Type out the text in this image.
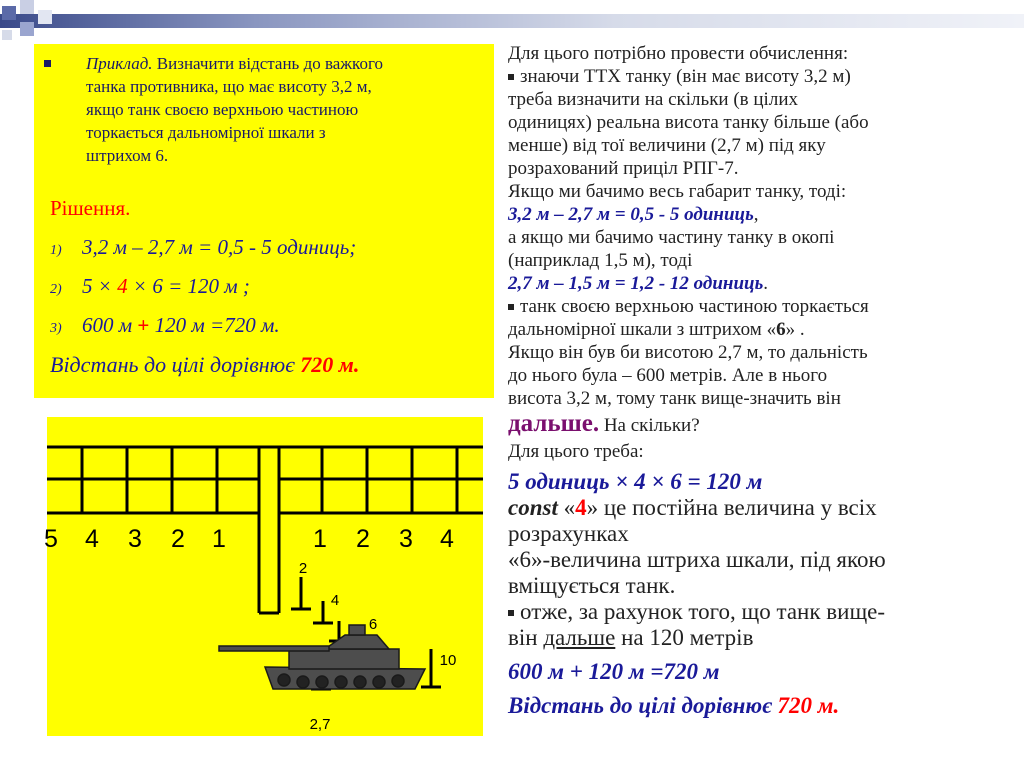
Приклад. Визначити відстань до важкого

танка противника, що має висоту 3,2 м,

якщо танк своєю верхньою частиною

торкається дальномірної шкали з

штрихом 6.

Рішення.
1) 3,2 м – 2,7 м = 0,5 - 5 одиниць;
2) 5 × 4 × 6 = 120 м ;
3) 600 м + 120 м =720 м.
Відстань до цілі дорівнює 720 м.
5 4 3 2 1	1 2 3 4
2
4
6
10
2,7
Для цього потрібно провести обчислення:
знаючи ТТХ танку (він має висоту 3,2 м)
треба визначити на скільки (в цілих
одиницях) реальна висота танку більше (або
менше) від тої величини (2,7 м) під яку
розрахований приціл РПГ-7.
Якщо ми бачимо весь габарит танку, тоді:
3,2 м – 2,7 м = 0,5 - 5 одиниць,
а якщо ми бачимо частину танку в окопі
(наприклад 1,5 м), тоді
2,7 м – 1,5 м = 1,2 - 12 одиниць.
танк своєю верхньою частиною торкається
дальномірної шкали з штрихом «6» .
Якщо він був би висотою 2,7 м, то дальність
до нього була – 600 метрів. Але в нього
висота 3,2 м, тому танк вище-значить він
дальше. На скільки?
Для цього треба:
5 одиниць × 4 × 6 = 120 м
const «4» це постійна величина у всіх
розрахунках
«6»-величина штриха шкали, під якою
вміщується танк.
отже, за рахунок того, що танк вище-
він дальше на 120 метрів
600 м + 120 м =720 м
Відстань до цілі дорівнює 720 м.
